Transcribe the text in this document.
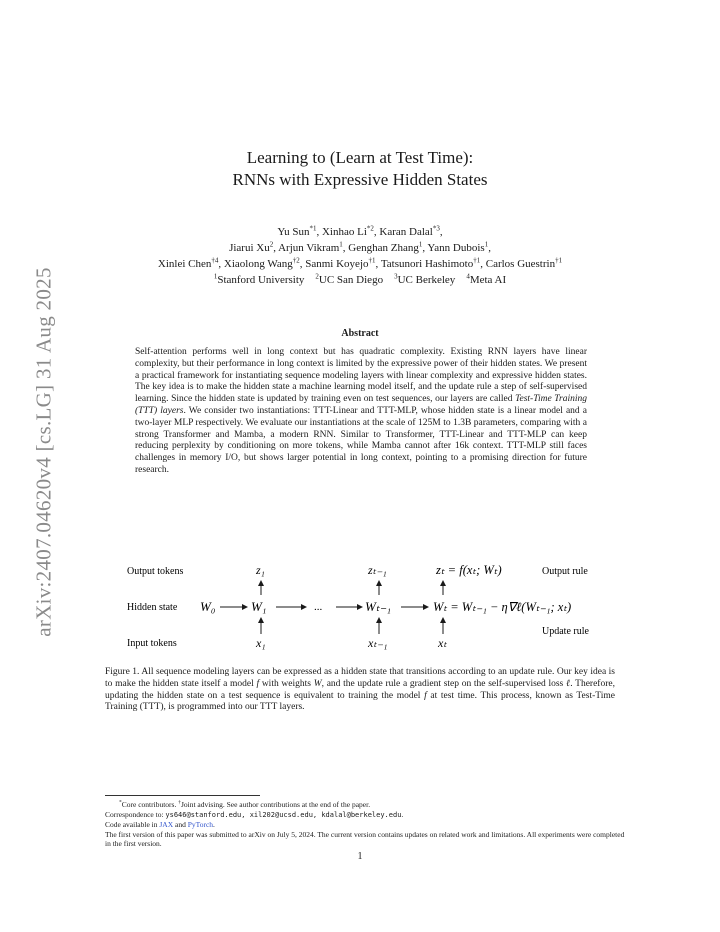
arXiv:2407.04620v4 [cs.LG] 31 Aug 2025
Learning to (Learn at Test Time):
RNNs with Expressive Hidden States
Yu Sun$^{*1}$, Xinhao Li$^{*2}$, Karan Dalal$^{*3}$,
Jiarui Xu$^2$, Arjun Vikram$^1$, Genghan Zhang$^1$, Yann Dubois$^1$,
Xinlei Chen$^{\dagger 4}$, Xiaolong Wang$^{\dagger 2}$, Sanmi Koyejo$^{\dagger 1}$, Tatsunori Hashimoto$^{\dagger 1}$, Carlos Guestrin$^{\dagger 1}$
$^1$Stanford University $^2$UC San Diego $^3$UC Berkeley $^4$Meta AI
Abstract
Self-attention performs well in long context but has quadratic complexity. Existing RNN layers have linear complexity, but their performance in long context is limited by the expressive power of their hidden states. We present a practical framework for instantiating sequence modeling layers with linear complexity and expressive hidden states. The key idea is to make the hidden state a machine learning model itself, and the update rule a step of self-supervised learning. Since the hidden state is updated by training even on test sequences, our layers are called Test-Time Training (TTT) layers. We consider two instantiations: TTT-Linear and TTT-MLP, whose hidden state is a linear model and a two-layer MLP respectively. We evaluate our instantiations at the scale of 125M to 1.3B parameters, comparing with a strong Transformer and Mamba, a modern RNN. Similar to Transformer, TTT-Linear and TTT-MLP can keep reducing perplexity by conditioning on more tokens, while Mamba cannot after 16k context. TTT-MLP still faces challenges in memory I/O, but shows larger potential in long context, pointing to a promising direction for future research.
Output tokens
Hidden state
Input tokens
Output rule
Update rule
W₀	W₁	...	Wₜ₋₁	Wₜ = Wₜ₋₁ − η∇ℓ(Wₜ₋₁; xₜ)
z₁	zₜ₋₁	zₜ = f(xₜ; Wₜ)
x₁	xₜ₋₁	xₜ
Figure 1. All sequence modeling layers can be expressed as a hidden state that transitions according to an update rule. Our key idea is to make the hidden state itself a model f with weights W, and the update rule a gradient step on the self-supervised loss ℓ. Therefore, updating the hidden state on a test sequence is equivalent to training the model f at test time. This process, known as Test-Time Training (TTT), is programmed into our TTT layers.
*Core contributors. †Joint advising. See author contributions at the end of the paper.
Correspondence to: ys646@stanford.edu, xil202@ucsd.edu, kdalal@berkeley.edu.
Code available in JAX and PyTorch.
The first version of this paper was submitted to arXiv on July 5, 2024. The current version contains updates on related work and limitations. All experiments were completed in the first version.
1
